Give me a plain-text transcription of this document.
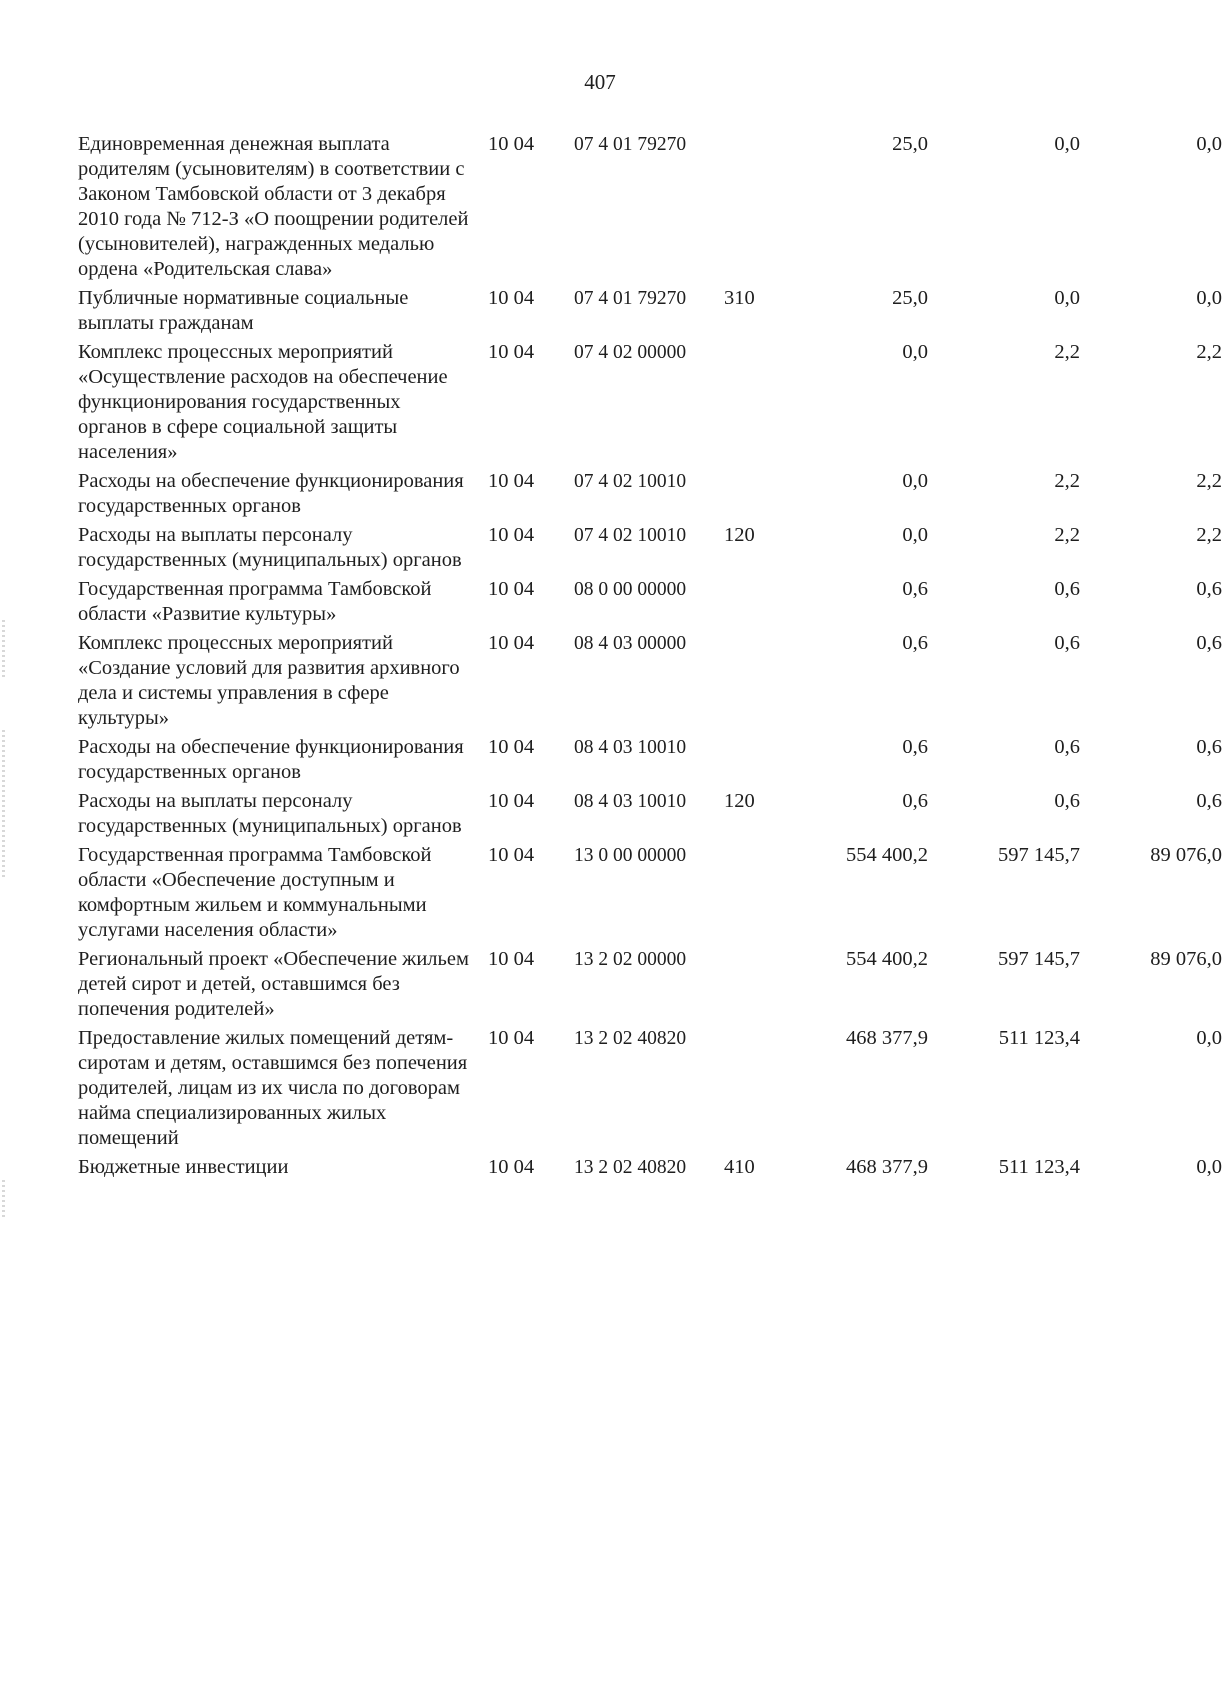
407
Единовременная денежная выплата родителям (усыновителям) в соответствии с Законом Тамбовской области от 3 декабря 2010 года № 712-З «О поощрении родителей (усыновителей), награжденных медалью ордена «Родительская слава»	10 04	07 4 01 79270		25,0	0,0	0,0
Публичные нормативные социальные выплаты гражданам	10 04	07 4 01 79270	310	25,0	0,0	0,0
Комплекс процессных мероприятий «Осуществление расходов на обеспечение функционирования государственных органов в сфере социальной защиты населения»	10 04	07 4 02 00000		0,0	2,2	2,2
Расходы на обеспечение функционирования государственных органов	10 04	07 4 02 10010		0,0	2,2	2,2
Расходы на выплаты персоналу государственных (муниципальных) органов	10 04	07 4 02 10010	120	0,0	2,2	2,2
Государственная программа Тамбовской области «Развитие культуры»	10 04	08 0 00 00000		0,6	0,6	0,6
Комплекс процессных мероприятий «Создание условий для развития архивного дела и системы управления в сфере культуры»	10 04	08 4 03 00000		0,6	0,6	0,6
Расходы на обеспечение функционирования государственных органов	10 04	08 4 03 10010		0,6	0,6	0,6
Расходы на выплаты персоналу государственных (муниципальных) органов	10 04	08 4 03 10010	120	0,6	0,6	0,6
Государственная программа Тамбовской области «Обеспечение доступным и комфортным жильем и коммунальными услугами населения области»	10 04	13 0 00 00000		554 400,2	597 145,7	89 076,0
Региональный проект «Обеспечение жильем детей сирот и детей, оставшимся без попечения родителей»	10 04	13 2 02 00000		554 400,2	597 145,7	89 076,0
Предоставление жилых помещений детям-сиротам и детям, оставшимся без попечения родителей, лицам из их числа по договорам найма специализированных жилых помещений	10 04	13 2 02 40820		468 377,9	511 123,4	0,0
Бюджетные инвестиции	10 04	13 2 02 40820	410	468 377,9	511 123,4	0,0
